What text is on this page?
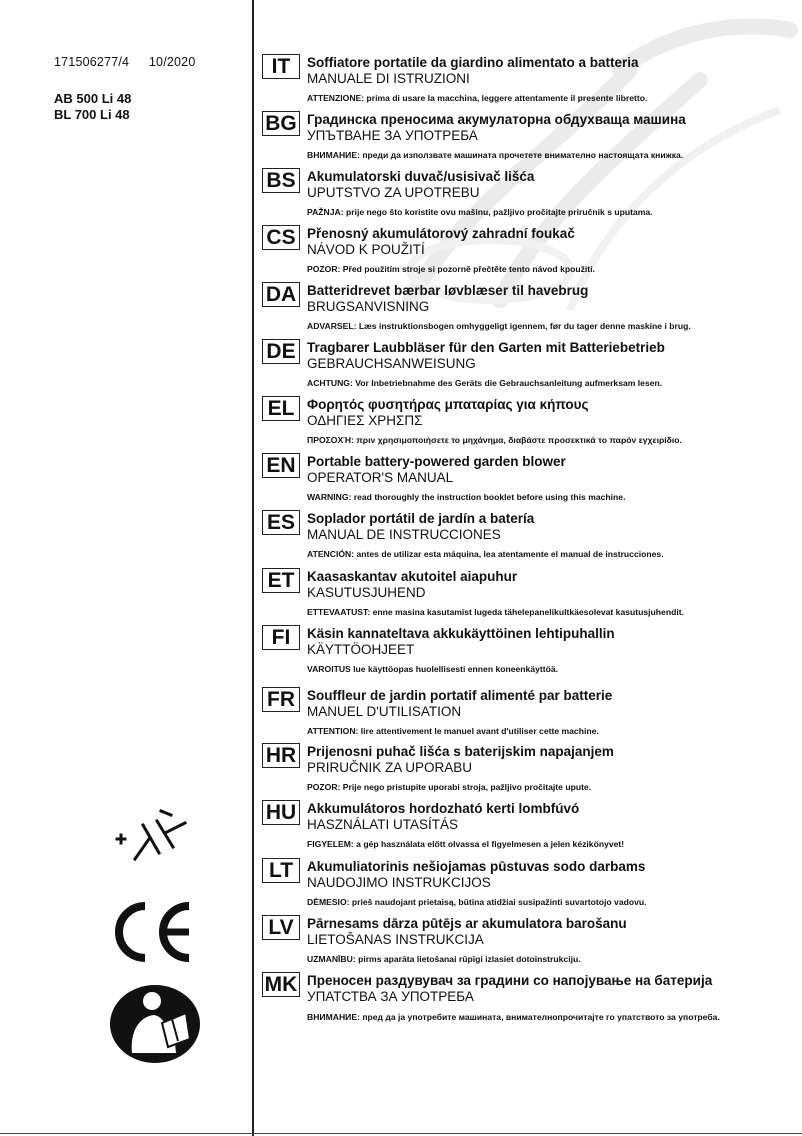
171506277/4 10/2020
AB 500 Li 48
BL 700 Li 48
IT	Soffiatore portatile da giardino alimentato a batteria
MANUALE DI ISTRUZIONI
ATTENZIONE: prima di usare la macchina, leggere attentamente il presente libretto.
BG Градинска преносима акумулаторна обдухваща машина
УПЪТВАНЕ ЗА УПОТРЕБА
ВНИМАНИЕ: преди да използвате машината прочетете внимателно настоящата книжка.
BS Akumulatorski duvač/usisivač lišća
UPUTSTVO ZA UPOTREBU
PAŽNJA: prije nego što koristite ovu mašinu, pažljivo pročitajte priručnik s uputama.
CS Přenosný akumulátorový zahradní foukač
NÁVOD K POUŽITÍ
POZOR: Před použitím stroje si pozorně přečtěte tento návod kpoužití.
DA Batteridrevet bærbar løvblæser til havebrug
BRUGSANVISNING
ADVARSEL: Læs instruktionsbogen omhyggeligt igennem, før du tager denne maskine i brug.
DE Tragbarer Laubbläser für den Garten mit Batteriebetrieb
GEBRAUCHSANWEISUNG
ACHTUNG: Vor Inbetriebnahme des Geräts die Gebrauchsanleitung aufmerksam lesen.
EL Φορητός φυσητήρας μπαταρίας για κήπους
ΟΔΗΓΙΕΣ ΧΡΗΣΠΣ
ΠΡΟΣΟΧΉ: πριν χρησιμοποιήσετε το μηχάνημα, διαβάστε προσεκτικά το παρόν εγχειρίδιο.
EN Portable battery-powered garden blower
OPERATOR'S MANUAL
WARNING: read thoroughly the instruction booklet before using this machine.
ES Soplador portátil de jardín a batería
MANUAL DE INSTRUCCIONES
ATENCIÓN: antes de utilizar esta máquina, lea atentamente el manual de instrucciones.
ET Kaasaskantav akutoitel aiapuhur
KASUTUSJUHEND
ETTEVAATUST: enne masina kasutamist lugeda tähelepanelikultkäesolevat kasutusjuhendit.
FI	Käsin kannateltava akkukäyttöinen lehtipuhallin
KÄYTTÖOHJEET
VAROITUS lue käyttöopas huolellisesti ennen koneenkäyttöä.
FR Souffleur de jardin portatif alimenté par batterie
MANUEL D'UTILISATION
ATTENTION: lire attentivement le manuel avant d'utiliser cette machine.
HR Prijenosni puhač lišća s baterijskim napajanjem
PRIRUČNIK ZA UPORABU
POZOR: Prije nego pristupite uporabi stroja, pažljivo pročitajte upute.
HU Akkumulátoros hordozható kerti lombfúvó
HASZNÁLATI UTASÍTÁS
FIGYELEM: a gép használata előtt olvassa el figyelmesen a jelen kézikönyvet!
LT	Akumuliatorinis nešiojamas pūstuvas sodo darbams
NAUDOJIMO INSTRUKCIJOS
DĖMESIO: prieš naudojant prietaisą, būtina atidžiai susipažinti suvartotojo vadovu.
LV Pārnesams dārza pūtējs ar akumulatora barošanu
LIETOŠANAS INSTRUKCIJA
UZMANĪBU: pirms aparāta lietošanai rūpīgi izlasiet dotoinstrukciju.
MK Преносен раздувувач за градини со напојување на батерија
УПАТСТВА ЗА УПОТРЕБА
ВНИМАНИЕ: пред да ја употребите машината, внимателнопрочитајте го упатството за употреба.
